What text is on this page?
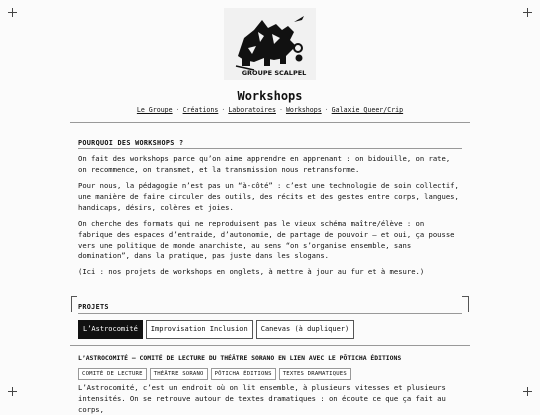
GROUPE SCALPEL
Workshops
Le Groupe · Créations · Laboratoires · Workshops · Galaxie Queer/Crip
POURQUOI DES WORKSHOPS ?
On fait des workshops parce qu’on aime apprendre en apprenant : on bidouille, on rate, on recommence, on transmet, et la transmission nous retransforme.
Pour nous, la pédagogie n’est pas un “à-côté” : c’est une technologie de soin collectif, une manière de faire circuler des outils, des récits et des gestes entre corps, langues, handicaps, désirs, colères et joies.
On cherche des formats qui ne reproduisent pas le vieux schéma maître/élève : on fabrique des espaces d’entraide, d’autonomie, de partage de pouvoir — et oui, ça pousse vers une politique de monde anarchiste, au sens “on s’organise ensemble, sans domination”, dans la pratique, pas juste dans les slogans.
(Ici : nos projets de workshops en onglets, à mettre à jour au fur et à mesure.)
PROJETS
L’Astrocomité	Improvisation Inclusion	Canevas (à dupliquer)
L’ASTROCOMITÉ — COMITÉ DE LECTURE DU THÉÂTRE SORANO EN LIEN AVEC LE PÔTICHA ÉDITIONS
COMITÉ DE LECTURE	THÉÂTRE SORANO	PÔTICHA ÉDITIONS	TEXTES DRAMATIQUES
L’Astrocomité, c’est un endroit où on lit ensemble, à plusieurs vitesses et plusieurs intensités. On se retrouve autour de textes dramatiques : on écoute ce que ça fait au corps,
